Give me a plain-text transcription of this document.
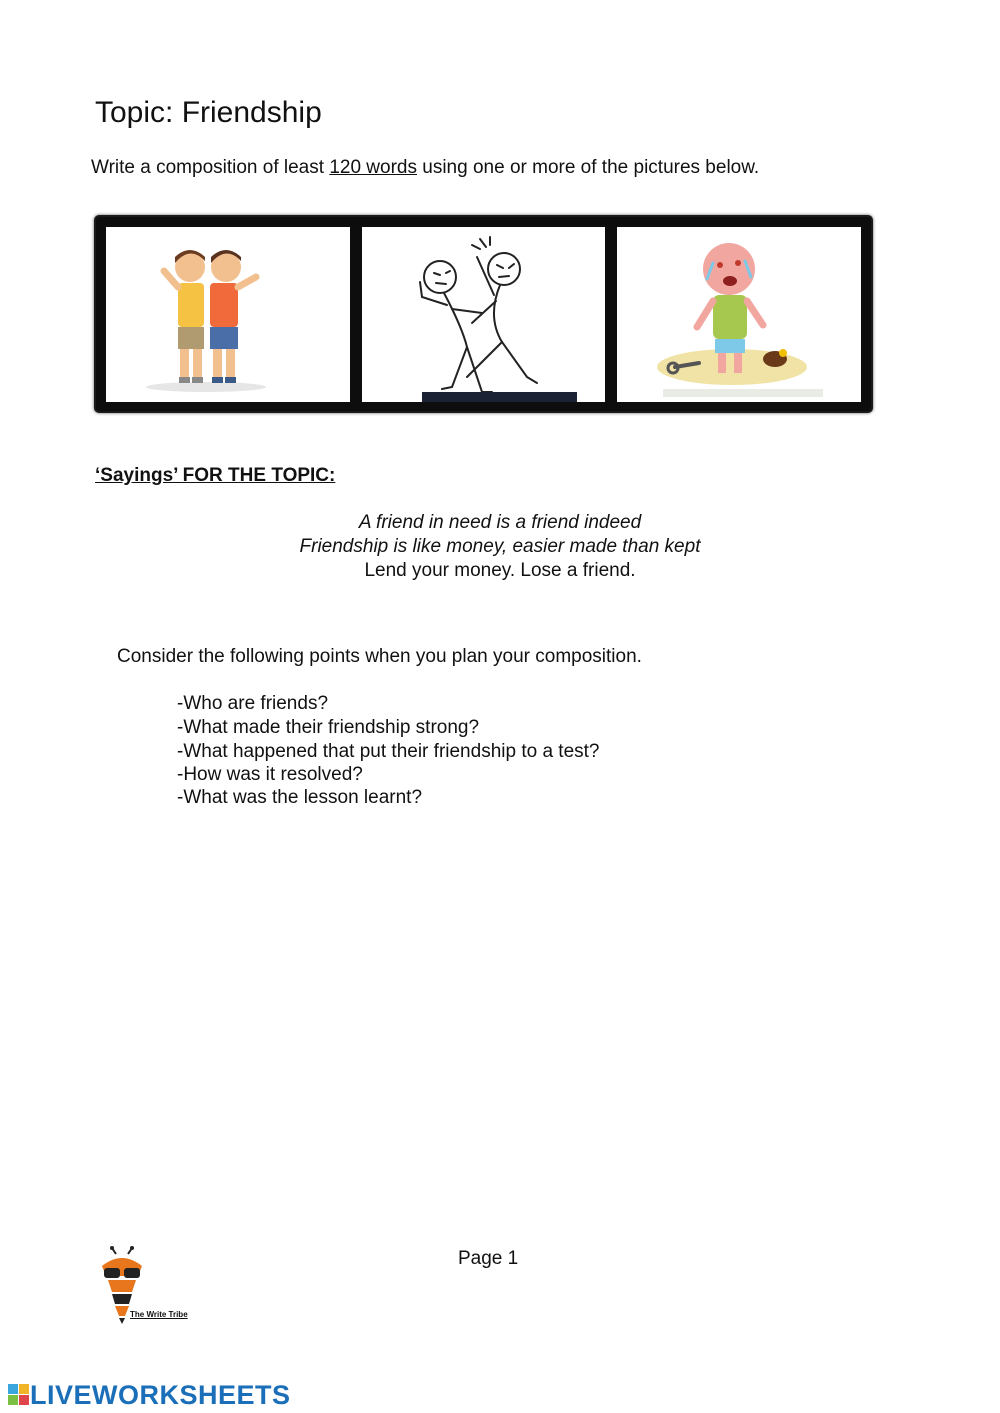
Topic: Friendship
Write a composition of least 120 words using one or more of the pictures below.
‘Sayings’ FOR THE TOPIC:
A friend in need is a friend indeed
Friendship is like money, easier made than kept
Lend your money. Lose a friend.
Consider the following points when you plan your composition.
-Who are friends?
-What made their friendship strong?
-What happened that put their friendship to a test?
-How was it resolved?
-What was the lesson learnt?
Page 1
The Write Tribe
LIVEWORKSHEETS
